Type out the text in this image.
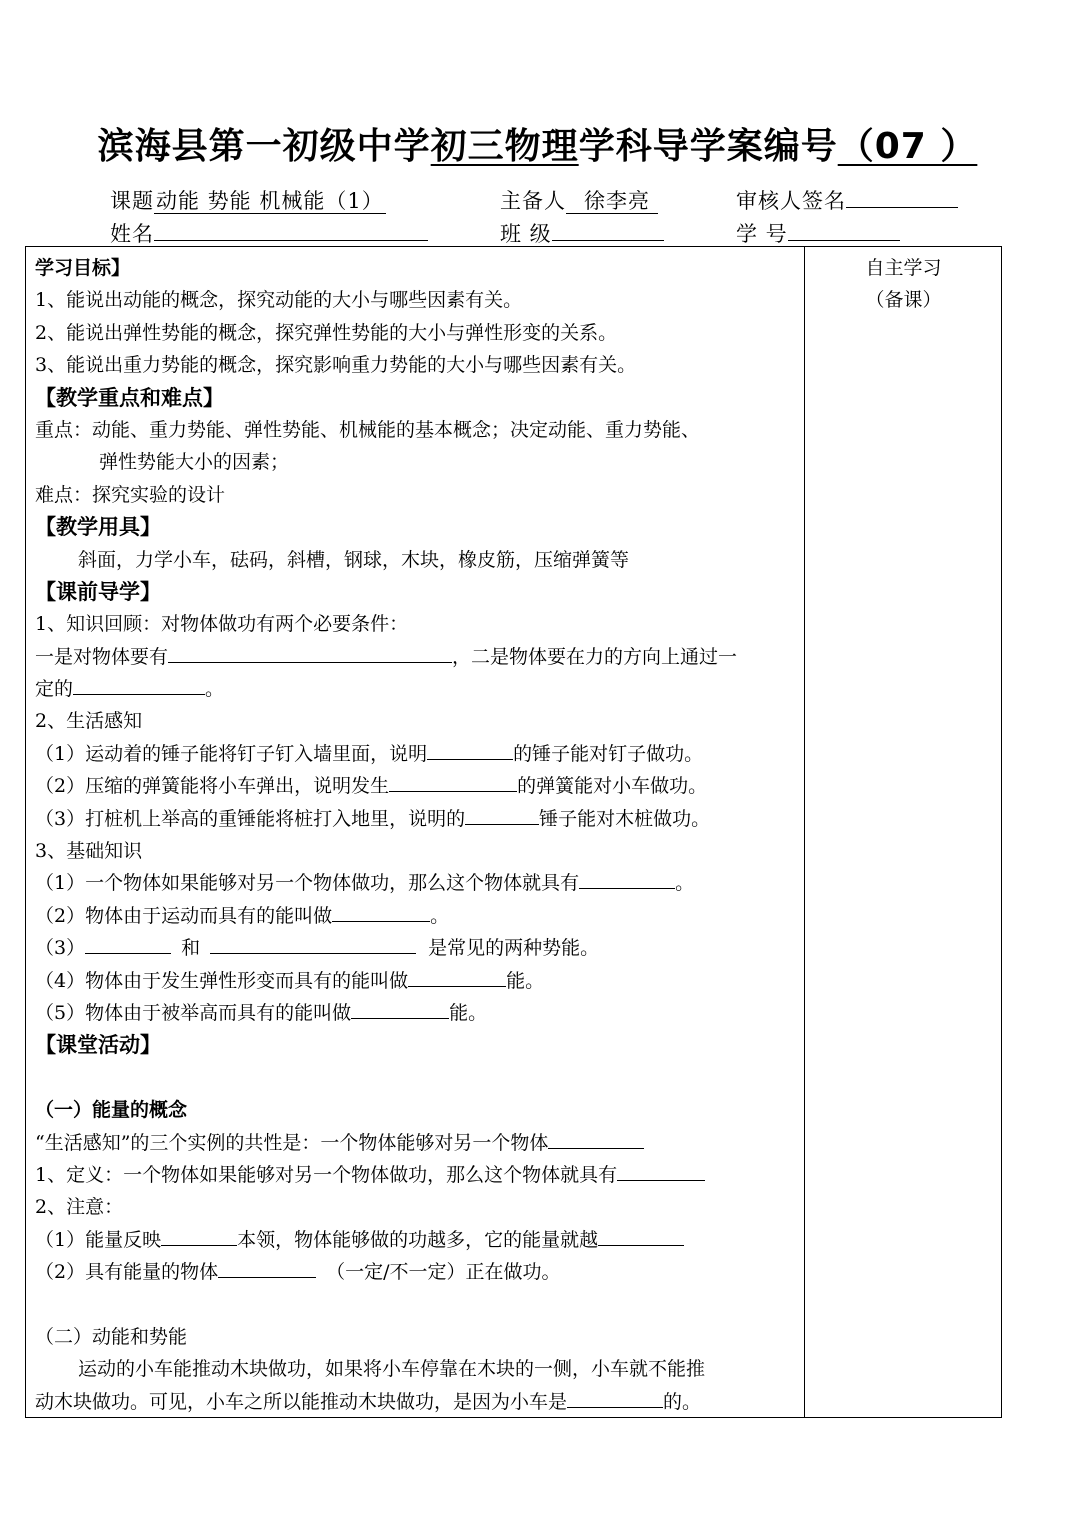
滨海县第一初级中学初三物理学科导学案编号（07 ）
课题动能 势能 机械能（1）	主备人 徐李亮	审核人签名
姓名	班 级	学 号
自主学习
（备课）
学习目标】
1、能说出动能的概念，探究动能的大小与哪些因素有关。
2、能说出弹性势能的概念，探究弹性势能的大小与弹性形变的关系。
3、能说出重力势能的概念，探究影响重力势能的大小与哪些因素有关。
【教学重点和难点】
重点：动能、重力势能、弹性势能、机械能的基本概念；决定动能、重力势能、
弹性势能大小的因素；
难点：探究实验的设计
【教学用具】
斜面，力学小车，砝码，斜槽，钢球，木块，橡皮筋，压缩弹簧等
【课前导学】
1、知识回顾：对物体做功有两个必要条件：
一是对物体要有	，二是物体要在力的方向上通过一
定的	。
2、生活感知
（1）运动着的锤子能将钉子钉入墙里面，说明	的锤子能对钉子做功。
（2）压缩的弹簧能将小车弹出，说明发生	的弹簧能对小车做功。
（3）打桩机上举高的重锤能将桩打入地里，说明的	锤子能对木桩做功。
3、基础知识
（1）一个物体如果能够对另一个物体做功，那么这个物体就具有	。
（2）物体由于运动而具有的能叫做	。
（3）	和	是常见的两种势能。
（4）物体由于发生弹性形变而具有的能叫做	能。
（5）物体由于被举高而具有的能叫做	能。
【课堂活动】
（一）能量的概念
“生活感知”的三个实例的共性是：一个物体能够对另一个物体
1、定义：一个物体如果能够对另一个物体做功，那么这个物体就具有
2、注意：
（1）能量反映	本领，物体能够做的功越多，它的能量就越
（2）具有能量的物体	（一定/不一定）正在做功。
（二）动能和势能
运动的小车能推动木块做功，如果将小车停靠在木块的一侧，小车就不能推
动木块做功。可见，小车之所以能推动木块做功，是因为小车是	的。
